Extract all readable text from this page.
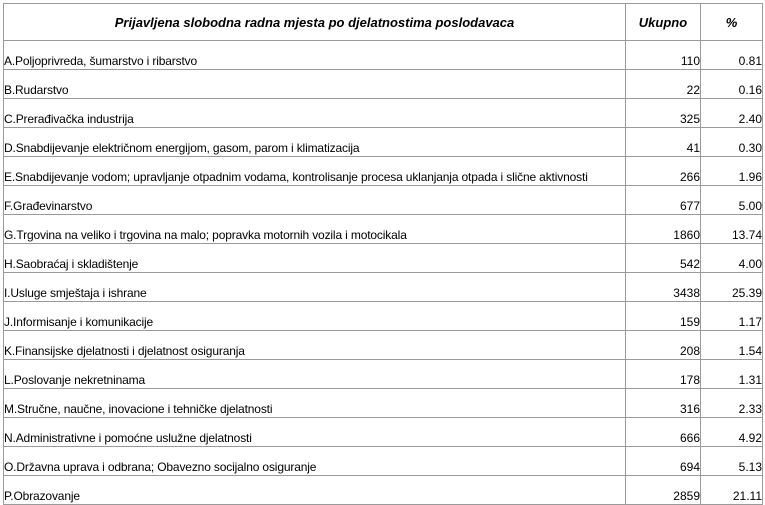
Prijavljena slobodna radna mjesta po djelatnostima poslodavaca	Ukupno	%
A.Poljoprivreda, šumarstvo i ribarstvo	110	0.81
B.Rudarstvo	22	0.16
C.Prerađivačka industrija	325	2.40
D.Snabdijevanje električnom energijom, gasom, parom i klimatizacija	41	0.30
E.Snabdijevanje vodom; upravljanje otpadnim vodama, kontrolisanje procesa uklanjanja otpada i slične aktivnosti	266	1.96
F.Građevinarstvo	677	5.00
G.Trgovina na veliko i trgovina na malo; popravka motornih vozila i motocikala	1860	13.74
H.Saobraćaj i skladištenje	542	4.00
I.Usluge smještaja i ishrane	3438	25.39
J.Informisanje i komunikacije	159	1.17
K.Finansijske djelatnosti i djelatnost osiguranja	208	1.54
L.Poslovanje nekretninama	178	1.31
M.Stručne, naučne, inovacione i tehničke djelatnosti	316	2.33
N.Administrativne i pomoćne uslužne djelatnosti	666	4.92
O.Državna uprava i odbrana; Obavezno socijalno osiguranje	694	5.13
P.Obrazovanje	2859	21.11
